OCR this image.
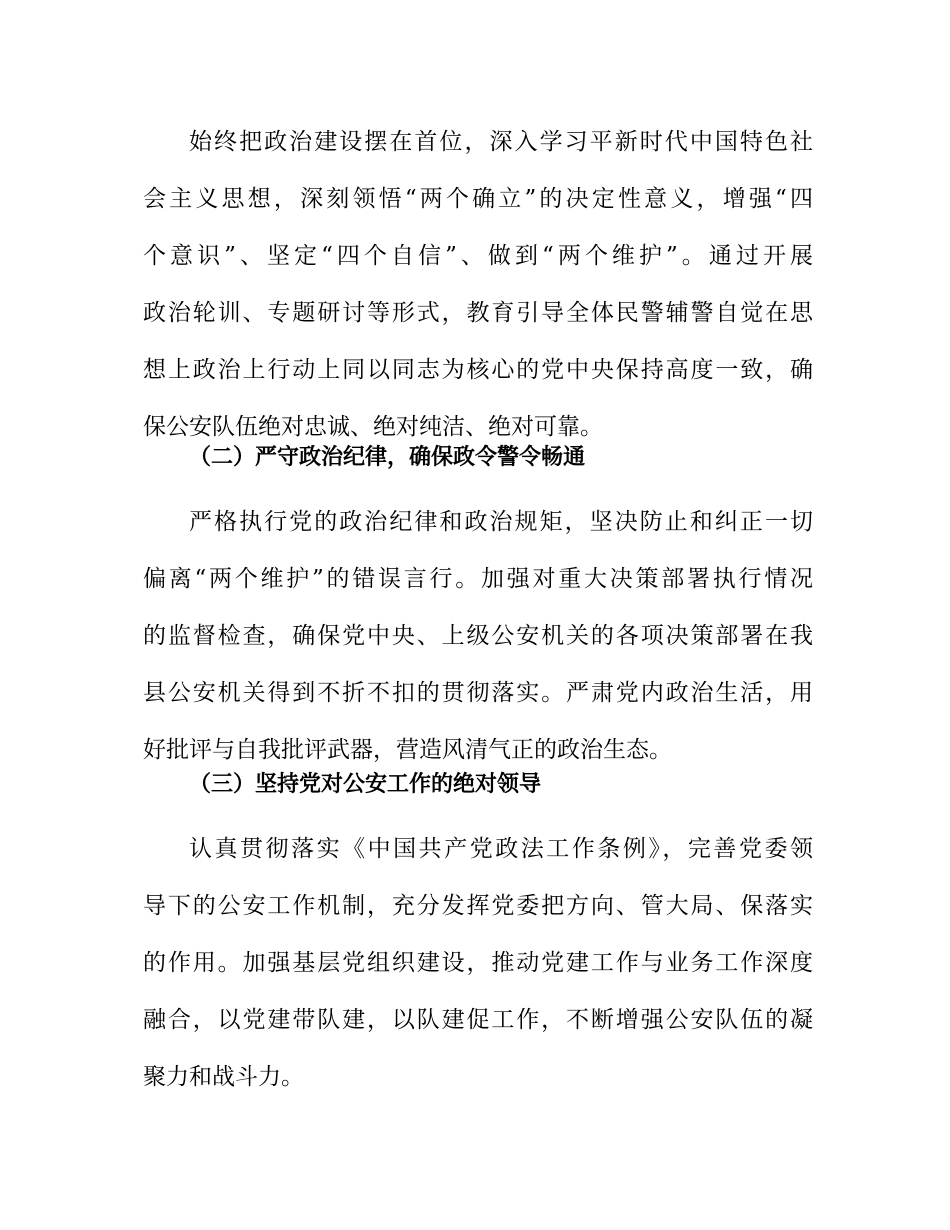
始终把政治建设摆在首位，深入学习平新时代中国特色社
会主义思想，深刻领悟“两个确立”的决定性意义，增强“四
个意识”、坚定“四个自信”、做到“两个维护”。通过开展
政治轮训、专题研讨等形式，教育引导全体民警辅警自觉在思
想上政治上行动上同以同志为核心的党中央保持高度一致，确
保公安队伍绝对忠诚、绝对纯洁、绝对可靠。
（二）严守政治纪律，确保政令警令畅通
严格执行党的政治纪律和政治规矩，坚决防止和纠正一切
偏离“两个维护”的错误言行。加强对重大决策部署执行情况
的监督检查，确保党中央、上级公安机关的各项决策部署在我
县公安机关得到不折不扣的贯彻落实。严肃党内政治生活，用
好批评与自我批评武器，营造风清气正的政治生态。
（三）坚持党对公安工作的绝对领导
认真贯彻落实《中国共产党政法工作条例》，完善党委领
导下的公安工作机制，充分发挥党委把方向、管大局、保落实
的作用。加强基层党组织建设，推动党建工作与业务工作深度
融合，以党建带队建，以队建促工作，不断增强公安队伍的凝
聚力和战斗力。
